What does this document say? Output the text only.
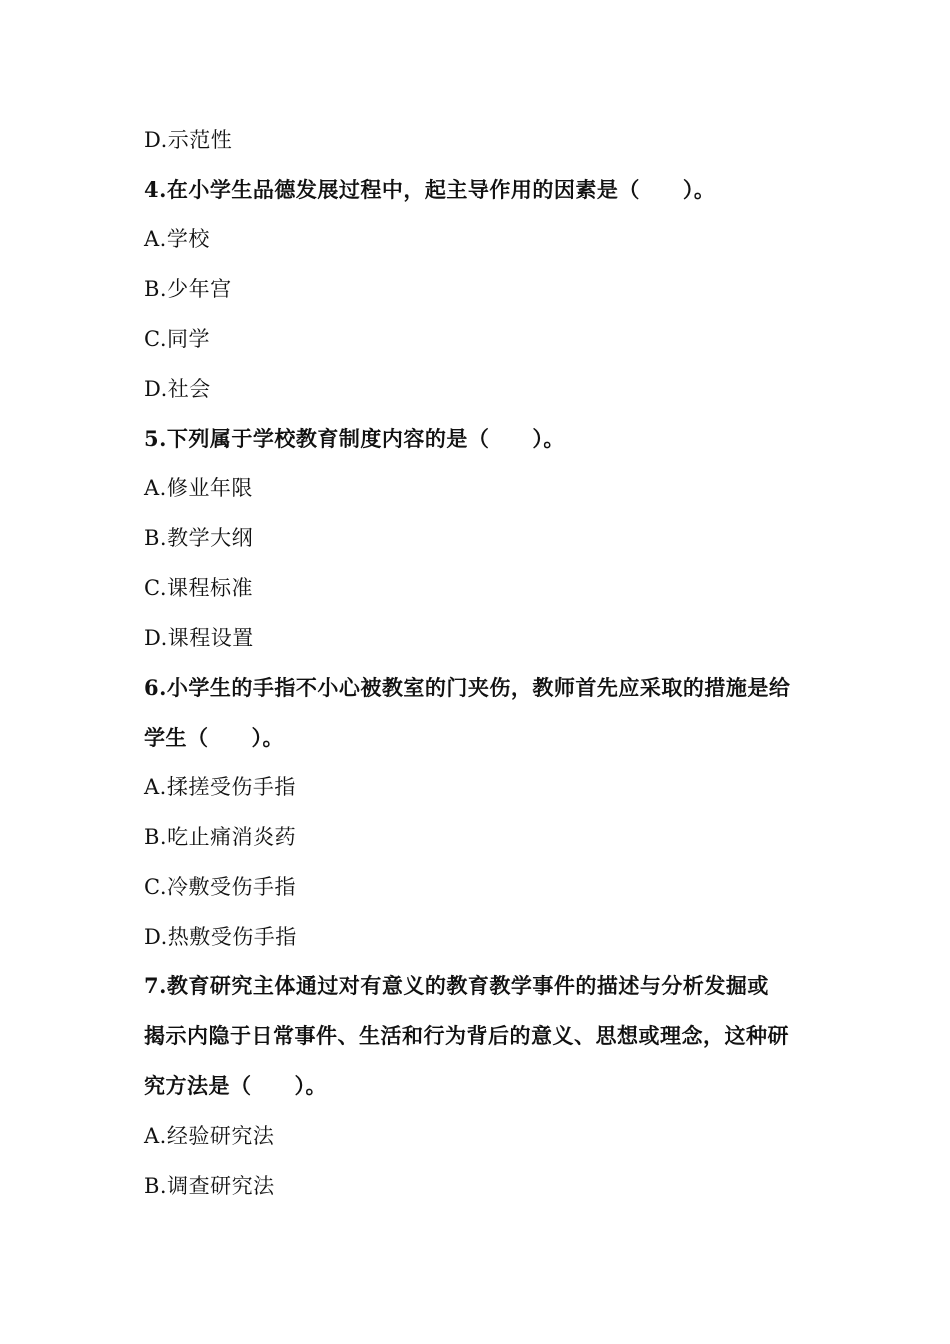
D.示范性
4.在小学生品德发展过程中，起主导作用的因素是（　　）。
A.学校
B.少年宫
C.同学
D.社会
5.下列属于学校教育制度内容的是（　　）。
A.修业年限
B.教学大纲
C.课程标准
D.课程设置
6.小学生的手指不小心被教室的门夹伤，教师首先应采取的措施是给
学生（　　）。
A.揉搓受伤手指
B.吃止痛消炎药
C.冷敷受伤手指
D.热敷受伤手指
7.教育研究主体通过对有意义的教育教学事件的描述与分析发掘或
揭示内隐于日常事件、生活和行为背后的意义、思想或理念，这种研
究方法是（　　）。
A.经验研究法
B.调查研究法
